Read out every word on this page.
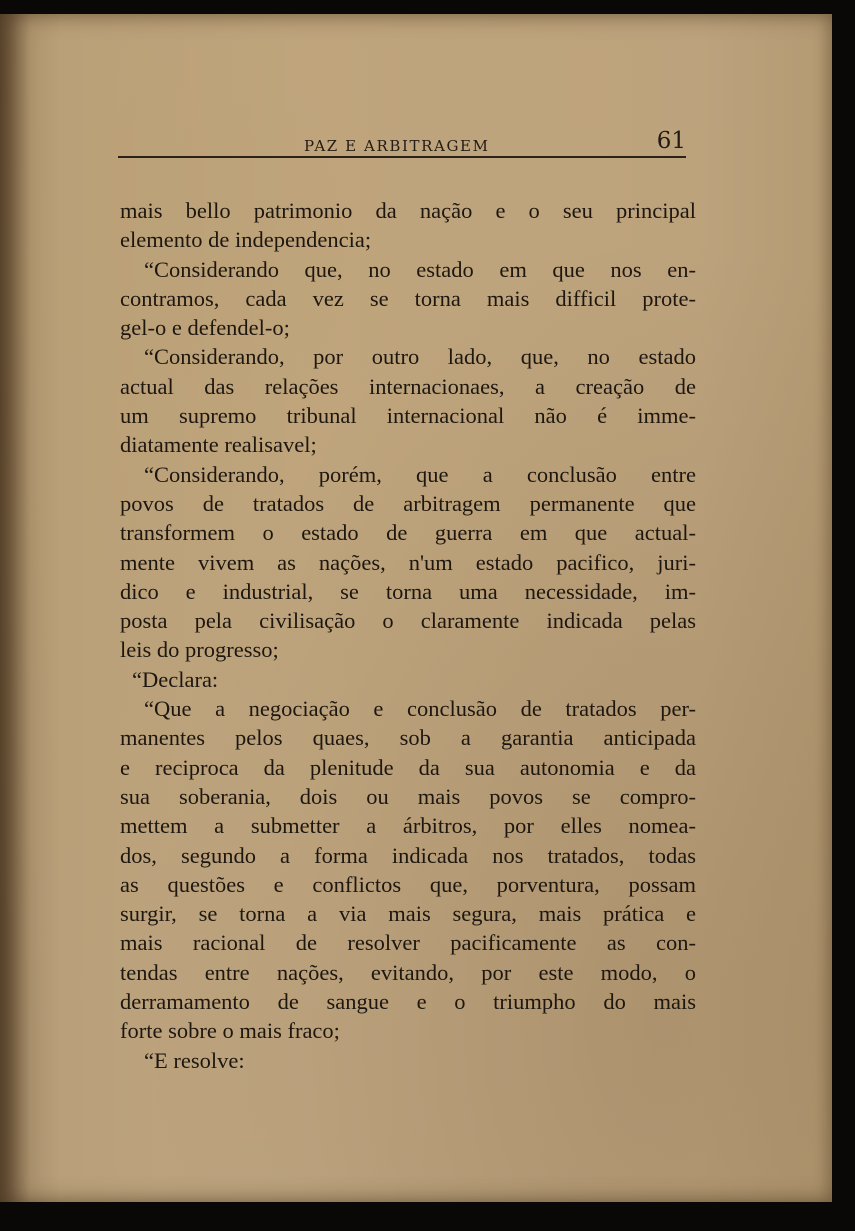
PAZ E ARBITRAGEM	61
mais bello patrimonio da nação e o seu principal
elemento de independencia;
“Considerando que, no estado em que nos en-
contramos, cada vez se torna mais difficil prote-
gel-o e defendel-o;
“Considerando, por outro lado, que, no estado
actual das relações internacionaes, a creação de
um supremo tribunal internacional não é imme-
diatamente realisavel;
“Considerando, porém, que a conclusão entre
povos de tratados de arbitragem permanente que
transformem o estado de guerra em que actual-
mente vivem as nações, n'um estado pacifico, juri-
dico e industrial, se torna uma necessidade, im-
posta pela civilisação o claramente indicada pelas
leis do progresso;
“Declara:
“Que a negociação e conclusão de tratados per-
manentes pelos quaes, sob a garantia anticipada
e reciproca da plenitude da sua autonomia e da
sua soberania, dois ou mais povos se compro-
mettem a submetter a árbitros, por elles nomea-
dos, segundo a forma indicada nos tratados, todas
as questões e conflictos que, porventura, possam
surgir, se torna a via mais segura, mais prática e
mais racional de resolver pacificamente as con-
tendas entre nações, evitando, por este modo, o
derramamento de sangue e o triumpho do mais
forte sobre o mais fraco;
“E resolve:
